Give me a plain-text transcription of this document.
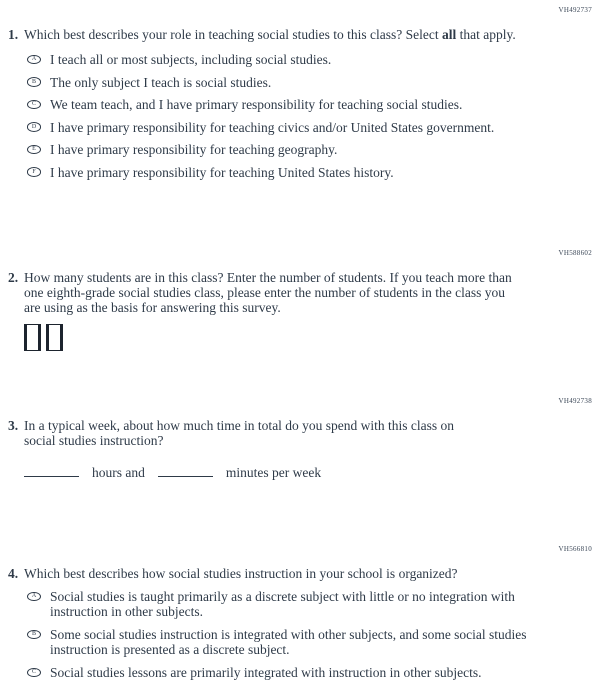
VH492737
1. Which best describes your role in teaching social studies to this class? Select all that apply.
A I teach all or most subjects, including social studies.
B The only subject I teach is social studies.
C We team teach, and I have primary responsibility for teaching social studies.
D I have primary responsibility for teaching civics and/or United States government.
E I have primary responsibility for teaching geography.
F I have primary responsibility for teaching United States history.
VH588602
2. How many students are in this class? Enter the number of students. If you teach more than one eighth-grade social studies class, please enter the number of students in the class you are using as the basis for answering this survey.
VH492738
3. In a typical week, about how much time in total do you spend with this class on social studies instruction?
hours and	minutes per week
VH566810
4. Which best describes how social studies instruction in your school is organized?
A Social studies is taught primarily as a discrete subject with little or no integration with instruction in other subjects.
B Some social studies instruction is integrated with other subjects, and some social studies instruction is presented as a discrete subject.
C Social studies lessons are primarily integrated with instruction in other subjects.
